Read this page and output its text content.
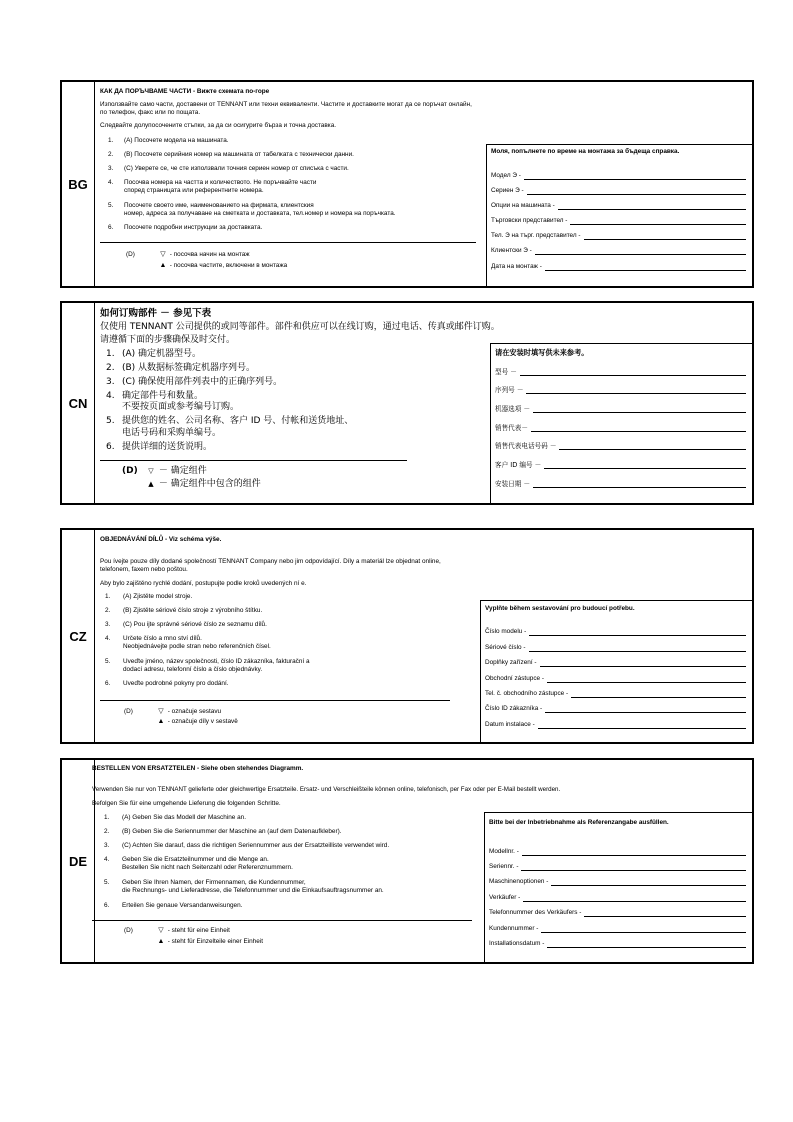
BG
КАК ДА ПОРЪЧВАМЕ ЧАСТИ - Вижте схемата по-горе
Използвайте само части, доставени от TENNANT или техни еквиваленти. Частите и доставките могат да се поръчат онлайн,
по телефон, факс или по пощата.
Следвайте долупосочените стъпки, за да си осигурите бърза и точна доставка.
1. (A) Посочете модела на машината.
2. (B) Посочете серийния номер на машината от табелката с технически данни.
3. (C) Уверете се, че сте използвали точния сериен номер от списъка с части.
4. Посочва номера на частта и количеството. Не поръчвайте части
според страницата или референтните номера.
5. Посочете своето име, наименованието на фирмата, клиентския
номер, адреса за получаване на сметката и доставката, тел.номер и номера на поръчката.
6. Посочете подробни инструкции за доставката.
(D)	▽ - посочва начин на монтаж
▲ - посочва частите, включени в монтажа
Моля, попълнете по време на монтажа за бъдеща справка.
Модел Э -
Сериен Э -
Опции на машината -
Търговски представител -
Тел. Э на търг. представител -
Клиентски Э -
Дата на монтаж -
CN
如何订购部件 － 参见下表
仅使用 TENNANT 公司提供的或同等部件。部件和供应可以在线订购，通过电话、传真或邮件订购。
请遵循下面的步骤确保及时交付。
1. (A) 确定机器型号。
2. (B) 从数据标签确定机器序列号。
3. (C) 确保使用部件列表中的正确序列号。
4. 确定部件号和数量。
不要按页面或参考编号订购。
5. 提供您的姓名、公司名称、客户 ID 号、付帐和送货地址、
电话号码和采购单编号。
6. 提供详细的送货说明。
(D)	▽ － 确定组件
▲ － 确定组件中包含的组件
请在安装时填写供未来参考。
型号 －
序列号 －
机器选项 －
销售代表－
销售代表电话号码 －
客户 ID 编号 －
安装日期 －
CZ
OBJEDNÁVÁNÍ DÍLŮ - Viz schéma výše.
Pou ívejte pouze díly dodané společností TENNANT Company nebo jim odpovídající. Díly a materiál lze objednat online,
telefonem, faxem nebo poštou.
Aby bylo zajištěno rychlé dodání, postupujte podle kroků uvedených ní e.
1. (A) Zjistěte model stroje.
2. (B) Zjistěte sériové číslo stroje z výrobního štítku.
3. (C) Pou ijte správné sériové číslo ze seznamu dílů.
4. Určete číslo a mno ství dílů.
Neobjednávejte podle stran nebo referenčních čísel.
5. Uveďte jméno, název společnosti, číslo ID zákazníka, fakturační a
dodací adresu, telefonní číslo a číslo objednávky.
6. Uveďte podrobné pokyny pro dodání.
(D)	▽ - označuje sestavu
▲ - označuje díly v sestavě
Vyplňte během sestavování pro budoucí potřebu.
Číslo modelu -
Sériové číslo -
Doplňky zařízení -
Obchodní zástupce -
Tel. č. obchodního zástupce -
Číslo ID zákazníka -
Datum instalace -
DE
BESTELLEN VON ERSATZTEILEN - Siehe oben stehendes Diagramm.
Verwenden Sie nur von TENNANT gelieferte oder gleichwertige Ersatzteile. Ersatz- und Verschleißteile können online, telefonisch, per Fax oder per E-Mail bestellt werden.
Befolgen Sie für eine umgehende Lieferung die folgenden Schritte.
1. (A) Geben Sie das Modell der Maschine an.
2. (B) Geben Sie die Seriennummer der Maschine an (auf dem Datenaufkleber).
3. (C) Achten Sie darauf, dass die richtigen Seriennummer aus der Ersatzteilliste verwendet wird.
4. Geben Sie die Ersatzteilnummer und die Menge an.
Bestellen Sie nicht nach Seitenzahl oder Referenznummern.
5. Geben Sie Ihren Namen, der Firmennamen, die Kundennummer,
die Rechnungs- und Lieferadresse, die Telefonnummer und die Einkaufsauftragsnummer an.
6. Erteilen Sie genaue Versandanweisungen.
(D)	▽ - steht für eine Einheit
▲ - steht für Einzelteile einer Einheit
Bitte bei der Inbetriebnahme als Referenzangabe ausfüllen.
Modellnr. -
Seriennr. -
Maschinenoptionen -
Verkäufer -
Telefonnummer des Verkäufers -
Kundennummer -
Installationsdatum -
